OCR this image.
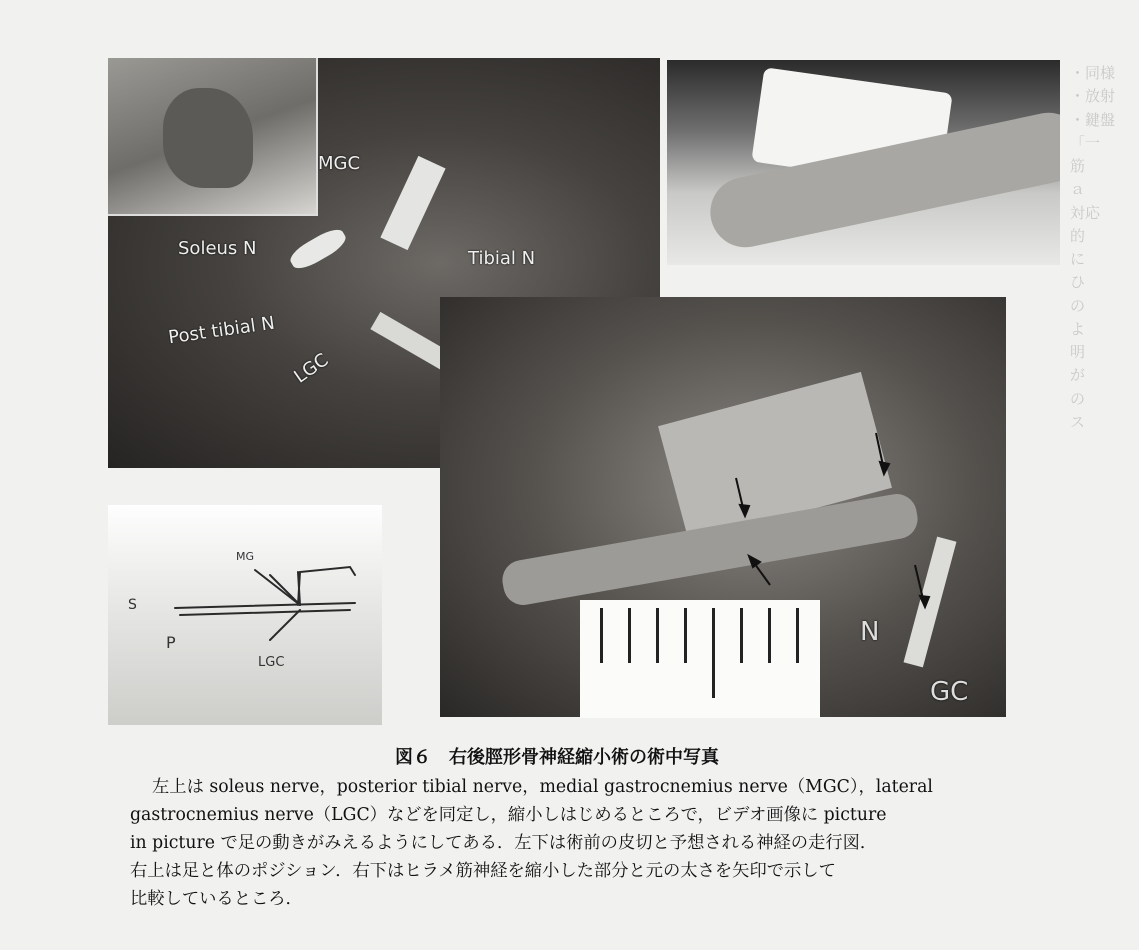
・同様
・放射
・鍵盤
「一
筋
ａ
対応
的
に
ひ
の
よ
明
が
の
ス
MGC
Soleus N	Tibial N
Post tibial N
LGC
N
GC
MG
S
P
LGC
図６　右後脛形骨神経縮小術の術中写真
左上は soleus nerve，posterior tibial nerve，medial gastrocnemius nerve（MGC），lateral
gastrocnemius nerve（LGC）などを同定し，縮小しはじめるところで，ビデオ画像に picture
in picture で足の動きがみえるようにしてある．左下は術前の皮切と予想される神経の走行図．
右上は足と体のポジション．右下はヒラメ筋神経を縮小した部分と元の太さを矢印で示して
比較しているところ．
